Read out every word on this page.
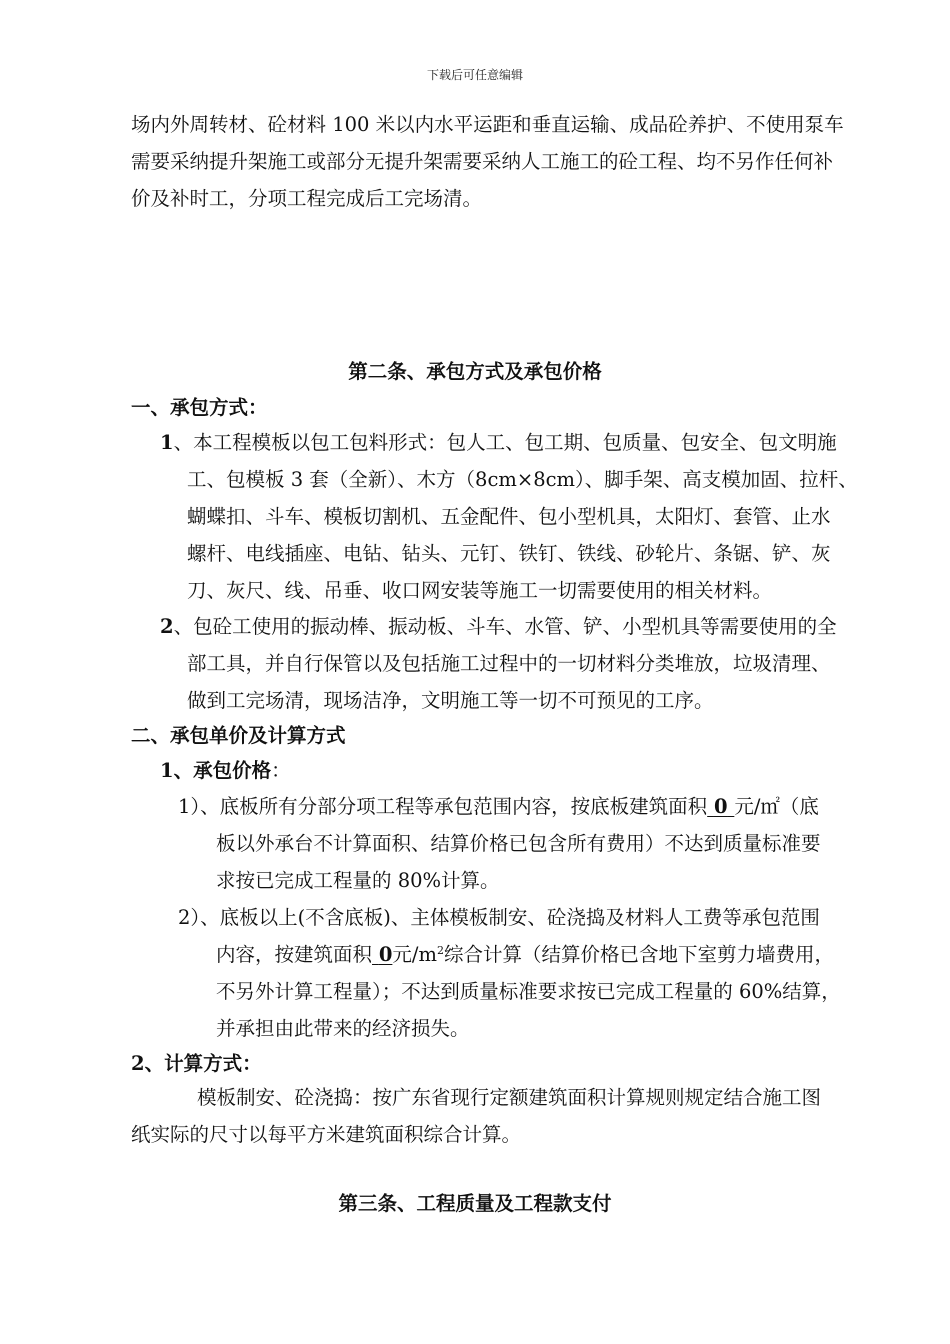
下载后可任意编辑
场内外周转材、砼材料 100 米以内水平运距和垂直运输、成品砼养护、不使用泵车
需要采纳提升架施工或部分无提升架需要采纳人工施工的砼工程、均不另作任何补
价及补时工，分项工程完成后工完场清。
第二条、承包方式及承包价格
一、承包方式：
1、本工程模板以包工包料形式：包人工、包工期、包质量、包安全、包文明施
工、包模板 3 套（全新）、木方（8cm×8cm）、脚手架、高支模加固、拉杆、
蝴蝶扣、斗车、模板切割机、五金配件、包小型机具，太阳灯、套管、止水
螺杆、电线插座、电钻、钻头、元钉、铁钉、铁线、砂轮片、条锯、铲、灰
刀、灰尺、线、吊垂、收口网安装等施工一切需要使用的相关材料。
2、包砼工使用的振动棒、振动板、斗车、水管、铲、小型机具等需要使用的全
部工具，并自行保管以及包括施工过程中的一切材料分类堆放，垃圾清理、
做到工完场清，现场洁净，文明施工等一切不可预见的工序。
二、承包单价及计算方式
1、承包价格：
1）、底板所有分部分项工程等承包范围内容，按底板建筑面积 0 元/㎡（底
板以外承台不计算面积、结算价格已包含所有费用）不达到质量标准要
求按已完成工程量的 80%计算。
2）、底板以上(不含底板)、主体模板制安、砼浇捣及材料人工费等承包范围
内容，按建筑面积 0元$/m^2$综合计算（结算价格已含地下室剪力墙费用，
不另外计算工程量）；不达到质量标准要求按已完成工程量的 60%结算，
并承担由此带来的经济损失。
2、计算方式：
模板制安、砼浇捣：按广东省现行定额建筑面积计算规则规定结合施工图
纸实际的尺寸以每平方米建筑面积综合计算。
第三条、工程质量及工程款支付
